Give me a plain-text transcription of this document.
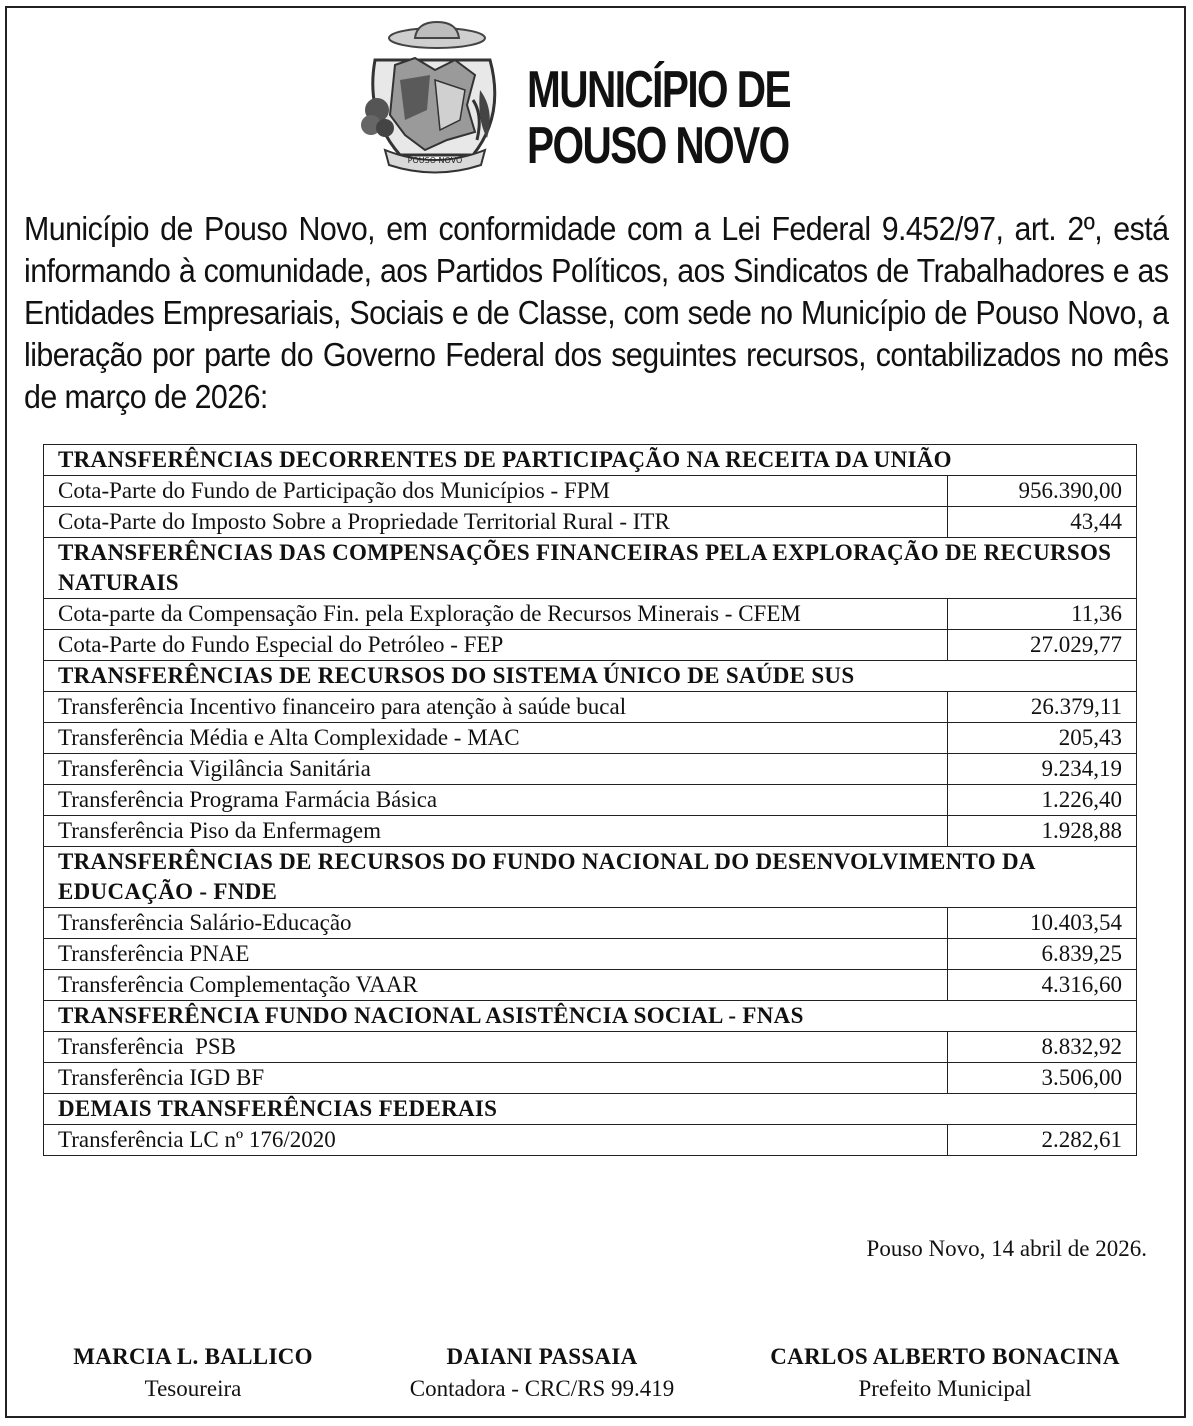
POUSO NOVO
MUNICÍPIO DE
POUSO NOVO
Município de Pouso Novo, em conformidade com a Lei Federal 9.452/97, art. 2º, está informando à comunidade, aos Partidos Políticos, aos Sindicatos de Trabalhadores e as Entidades Empresariais, Sociais e de Classe, com sede no Município de Pouso Novo, a liberação por parte do Governo Federal dos seguintes recursos, contabilizados no mês de março de 2026:
TRANSFERÊNCIAS DECORRENTES DE PARTICIPAÇÃO NA RECEITA DA UNIÃO	
Cota-Parte do Fundo de Participação dos Municípios - FPM	956.390,00
Cota-Parte do Imposto Sobre a Propriedade Territorial Rural - ITR	43,44
TRANSFERÊNCIAS DAS COMPENSAÇÕES FINANCEIRAS PELA EXPLORAÇÃO DE RECURSOS NATURAIS	
Cota-parte da Compensação Fin. pela Exploração de Recursos Minerais - CFEM	11,36
Cota-Parte do Fundo Especial do Petróleo - FEP	27.029,77
TRANSFERÊNCIAS DE RECURSOS DO SISTEMA ÚNICO DE SAÚDE SUS	
Transferência Incentivo financeiro para atenção à saúde bucal	26.379,11
Transferência Média e Alta Complexidade - MAC	205,43
Transferência Vigilância Sanitária	9.234,19
Transferência Programa Farmácia Básica	1.226,40
Transferência Piso da Enfermagem	1.928,88
TRANSFERÊNCIAS DE RECURSOS DO FUNDO NACIONAL DO DESENVOLVIMENTO DA EDUCAÇÃO - FNDE	
Transferência Salário-Educação	10.403,54
Transferência PNAE	6.839,25
Transferência Complementação VAAR	4.316,60
TRANSFERÊNCIA FUNDO NACIONAL ASISTÊNCIA SOCIAL - FNAS	
Transferência  PSB	8.832,92
Transferência IGD BF	3.506,00
DEMAIS TRANSFERÊNCIAS FEDERAIS	
Transferência LC nº 176/2020	2.282,61
Pouso Novo, 14 abril de 2026.
MARCIA L. BALLICO
Tesoureira
DAIANI PASSAIA
Contadora - CRC/RS 99.419
CARLOS ALBERTO BONACINA
Prefeito Municipal
